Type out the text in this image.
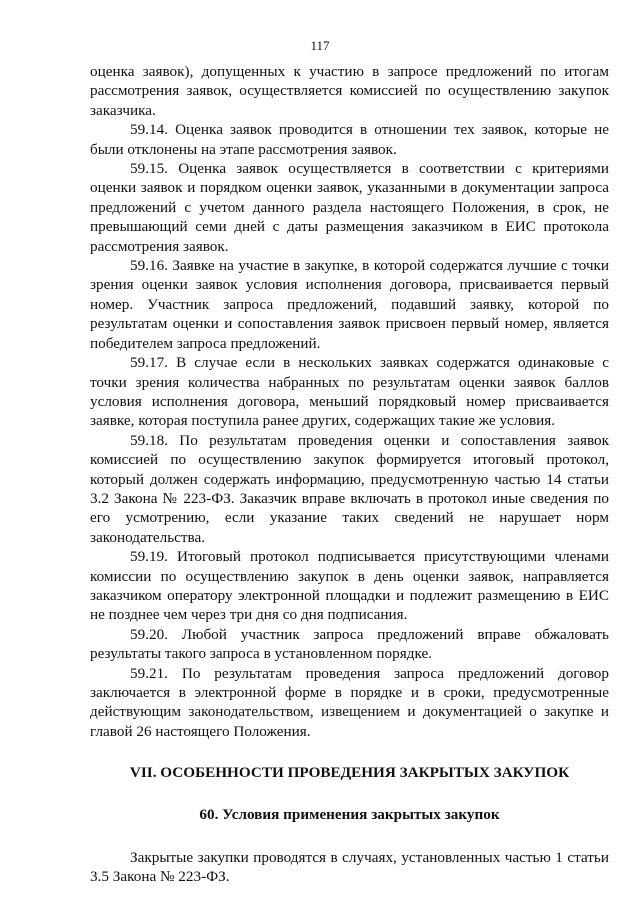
117

оценка заявок), допущенных к участию в запросе предложений по итогам рассмотрения заявок, осуществляется комиссией по осуществлению закупок заказчика.

59.14. Оценка заявок проводится в отношении тех заявок, которые не были отклонены на этапе рассмотрения заявок.

59.15. Оценка заявок осуществляется в соответствии с критериями оценки заявок и порядком оценки заявок, указанными в документации запроса предложений с учетом данного раздела настоящего Положения, в срок, не превышающий семи дней с даты размещения заказчиком в ЕИС протокола рассмотрения заявок.

59.16. Заявке на участие в закупке, в которой содержатся лучшие с точки зрения оценки заявок условия исполнения договора, присваивается первый номер. Участник запроса предложений, подавший заявку, которой по результатам оценки и сопоставления заявок присвоен первый номер, является победителем запроса предложений.

59.17. В случае если в нескольких заявках содержатся одинаковые с точки зрения количества набранных по результатам оценки заявок баллов условия исполнения договора, меньший порядковый номер присваивается заявке, которая поступила ранее других, содержащих такие же условия.

59.18. По результатам проведения оценки и сопоставления заявок комиссией по осуществлению закупок формируется итоговый протокол, который должен содержать информацию, предусмотренную частью 14 статьи 3.2 Закона № 223-ФЗ. Заказчик вправе включать в протокол иные сведения по его усмотрению, если указание таких сведений не нарушает норм законодательства.

59.19. Итоговый протокол подписывается присутствующими членами комиссии по осуществлению закупок в день оценки заявок, направляется заказчиком оператору электронной площадки и подлежит размещению в ЕИС не позднее чем через три дня со дня подписания.

59.20. Любой участник запроса предложений вправе обжаловать результаты такого запроса в установленном порядке.

59.21. По результатам проведения запроса предложений договор заключается в электронной форме в порядке и в сроки, предусмотренные действующим законодательством, извещением и документацией о закупке и главой 26 настоящего Положения.

VII. ОСОБЕННОСТИ ПРОВЕДЕНИЯ ЗАКРЫТЫХ ЗАКУПОК
60. Условия применения закрытых закупок

Закрытые закупки проводятся в случаях, установленных частью 1 статьи 3.5 Закона № 223-ФЗ.
